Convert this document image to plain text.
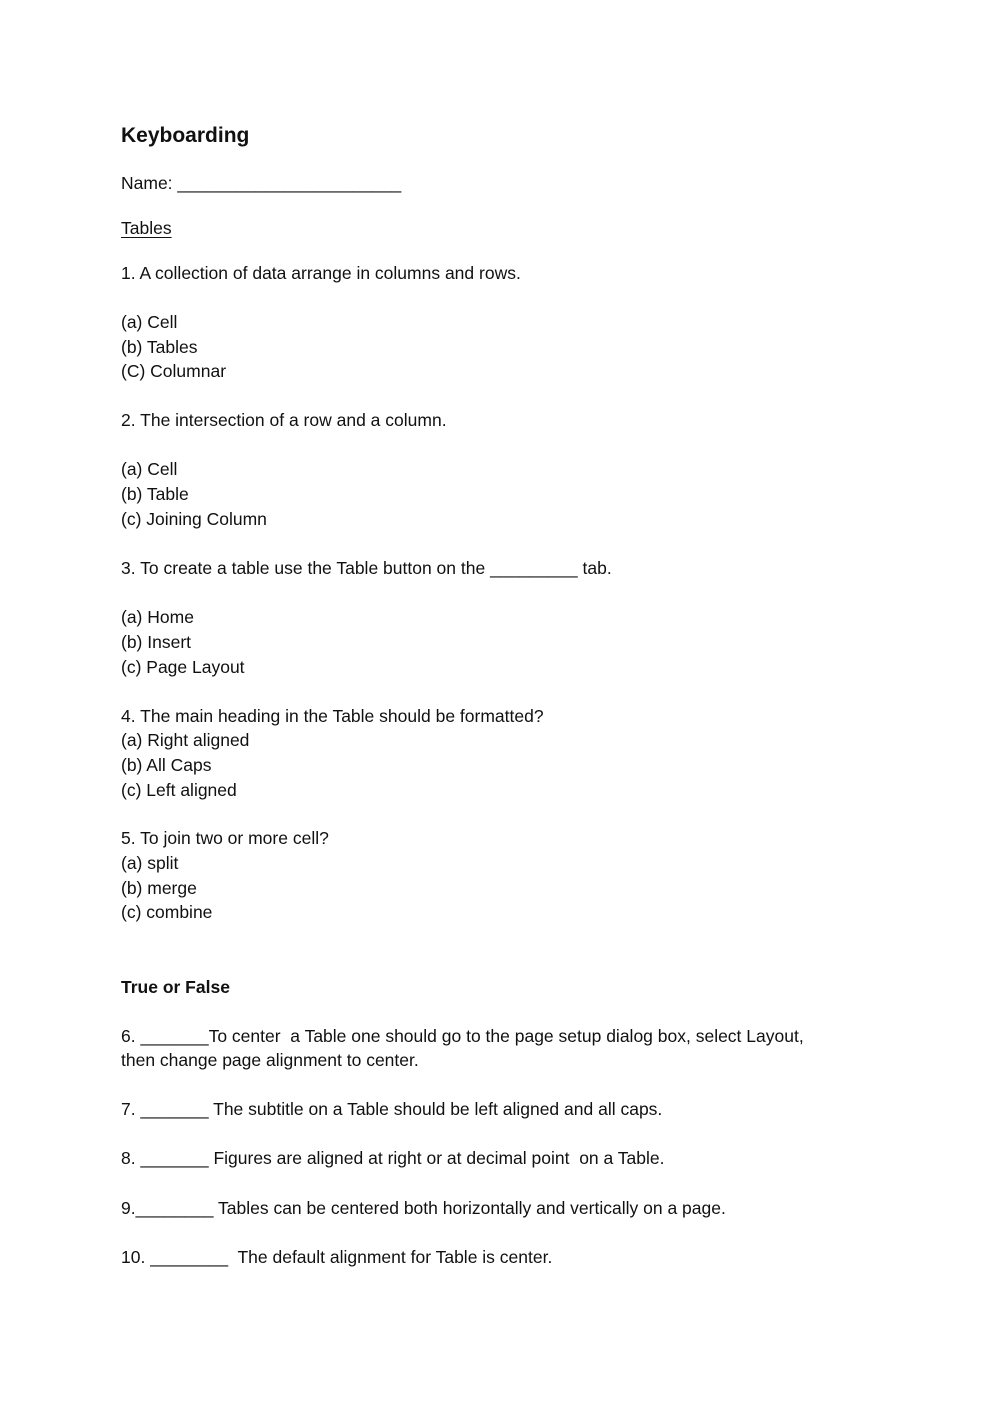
Keyboarding
Name: _______________________
Tables
1. A collection of data arrange in columns and rows.
(a) Cell
(b) Tables
(C) Columnar
2. The intersection of a row and a column.
(a) Cell
(b) Table
(c) Joining Column
3. To create a table use the Table button on the _________ tab.
(a) Home
(b) Insert
(c) Page Layout
4. The main heading in the Table should be formatted?
(a) Right aligned
(b) All Caps
(c) Left aligned
5. To join two or more cell?
(a) split
(b) merge
(c) combine
True or False
6. _______To center  a Table one should go to the page setup dialog box, select Layout,
then change page alignment to center.
7. _______ The subtitle on a Table should be left aligned and all caps.
8. _______ Figures are aligned at right or at decimal point  on a Table.
9.________ Tables can be centered both horizontally and vertically on a page.
10. ________  The default alignment for Table is center.
